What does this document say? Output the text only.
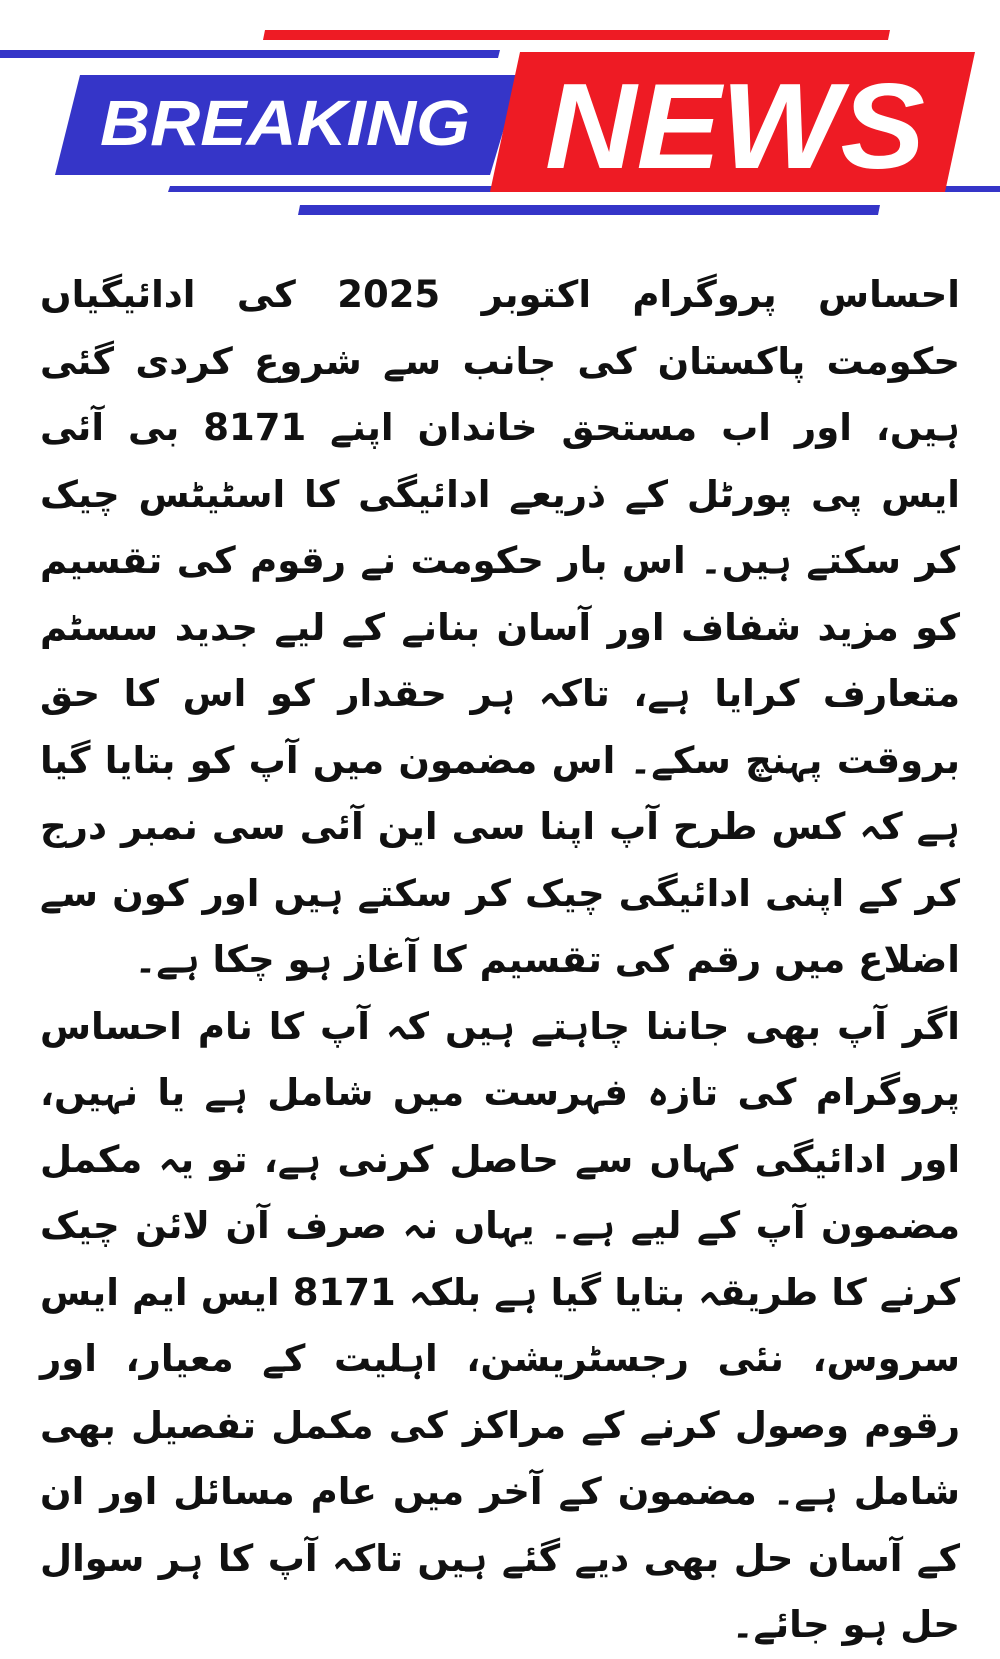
BREAKING NEWS

احساس پروگرام اکتوبر 2025 کی ادائیگیاں حکومت پاکستان کی جانب سے شروع کردی گئی ہیں، اور اب مستحق خاندان اپنے 8171 بی آئی ایس پی پورٹل کے ذریعے ادائیگی کا اسٹیٹس چیک کر سکتے ہیں۔ اس بار حکومت نے رقوم کی تقسیم کو مزید شفاف اور آسان بنانے کے لیے جدید سسٹم متعارف کرایا ہے، تاکہ ہر حقدار کو اس کا حق بروقت پہنچ سکے۔ اس مضمون میں آپ کو بتایا گیا ہے کہ کس طرح آپ اپنا سی این آئی سی نمبر درج کر کے اپنی ادائیگی چیک کر سکتے ہیں اور کون سے اضلاع میں رقم کی تقسیم کا آغاز ہو چکا ہے۔

اگر آپ بھی جاننا چاہتے ہیں کہ آپ کا نام احساس پروگرام کی تازہ فہرست میں شامل ہے یا نہیں، اور ادائیگی کہاں سے حاصل کرنی ہے، تو یہ مکمل مضمون آپ کے لیے ہے۔ یہاں نہ صرف آن لائن چیک کرنے کا طریقہ بتایا گیا ہے بلکہ 8171 ایس ایم ایس سروس، نئی رجسٹریشن، اہلیت کے معیار، اور رقوم وصول کرنے کے مراکز کی مکمل تفصیل بھی شامل ہے۔ مضمون کے آخر میں عام مسائل اور ان کے آسان حل بھی دیے گئے ہیں تاکہ آپ کا ہر سوال حل ہو جائے۔
